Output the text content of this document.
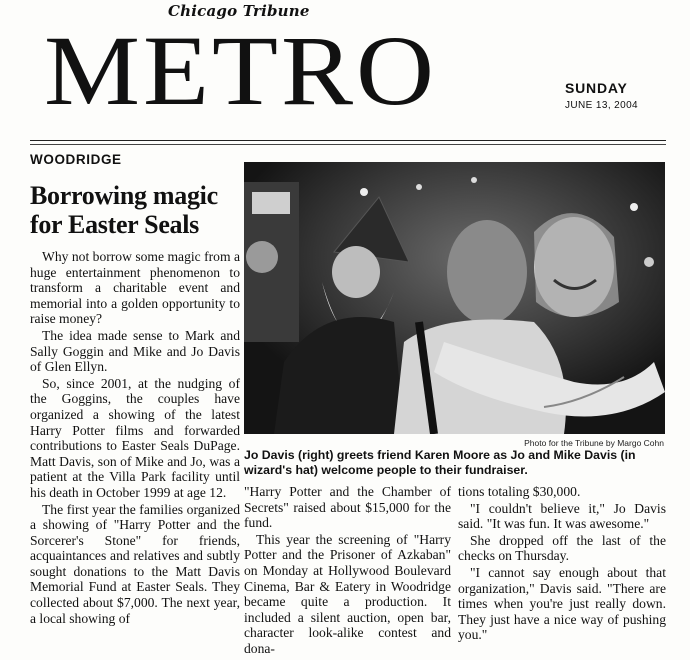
Chicago Tribune
METRO	SUNDAY
JUNE 13, 2004
WOODRIDGE
Borrowing magic for Easter Seals

Why not borrow some magic from a huge entertainment phenomenon to transform a charitable event and memorial into a golden opportunity to raise money?

The idea made sense to Mark and Sally Goggin and Mike and Jo Davis of Glen Ellyn.

So, since 2001, at the nudging of the Goggins, the couples have organized a showing of the latest Harry Potter films and forwarded contributions to Easter Seals DuPage. Matt Davis, son of Mike and Jo, was a patient at the Villa Park facility until his death in October 1999 at age 12.

The first year the families organized a showing of "Harry Potter and the Sorcerer's Stone" for friends, acquaintances and relatives and subtly sought donations to the Matt Davis Memorial Fund at Easter Seals. They collected about $7,000. The next year, a local showing of

Photo for the Tribune by Margo Cohn
Jo Davis (right) greets friend Karen Moore as Jo and Mike Davis (in wizard's hat) welcome people to their fundraiser.

"Harry Potter and the Chamber of Secrets" raised about $15,000 for the fund.

This year the screening of "Harry Potter and the Prisoner of Azkaban" on Monday at Hollywood Boulevard Cinema, Bar & Eatery in Woodridge became quite a production. It included a silent auction, open bar, character look-alike contest and dona-

tions totaling $30,000.

"I couldn't believe it," Jo Davis said. "It was fun. It was awesome."

She dropped off the last of the checks on Thursday.

"I cannot say enough about that organization," Davis said. "There are times when you're just really down. They just have a nice way of pushing you."
